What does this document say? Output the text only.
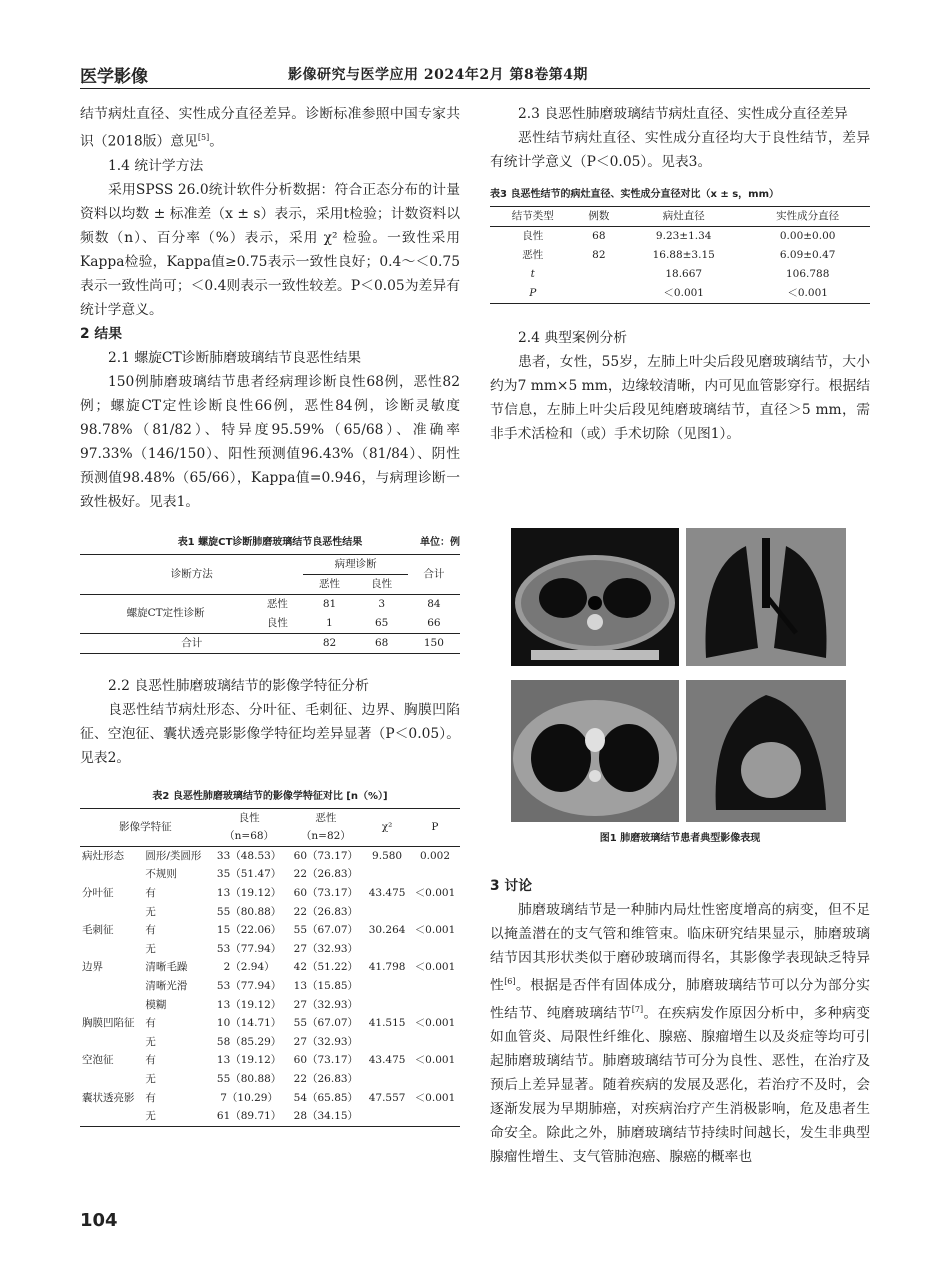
医学影像	影像研究与医学应用 2024年2月 第8卷第4期

结节病灶直径、实性成分直径差异。诊断标准参照中国专家共识（2018版）意见[5]。

1.4 统计学方法

采用SPSS 26.0统计软件分析数据：符合正态分布的计量资料以均数 ± 标准差（x ± s）表示，采用t检验；计数资料以频数（n）、百分率（%）表示，采用 χ² 检验。一致性采用Kappa检验，Kappa值≥0.75表示一致性良好；0.4～＜0.75表示一致性尚可；＜0.4则表示一致性较差。P＜0.05为差异有统计学意义。

2 结果

2.1 螺旋CT诊断肺磨玻璃结节良恶性结果

150例肺磨玻璃结节患者经病理诊断良性68例，恶性82例；螺旋CT定性诊断良性66例，恶性84例，诊断灵敏度98.78%（81/82）、特异度95.59%（65/68）、准确率97.33%（146/150）、阳性预测值96.43%（81/84）、阴性预测值98.48%（65/66），Kappa值=0.946，与病理诊断一致性极好。见表1。

表1 螺旋CT诊断肺磨玻璃结节良恶性结果	单位：例
诊断方法		病理诊断		合计
		恶性	良性	
螺旋CT定性诊断	恶性	81	3	84
	良性	1	65	66
合计		82	68	150

2.2 良恶性肺磨玻璃结节的影像学特征分析

良恶性结节病灶形态、分叶征、毛刺征、边界、胸膜凹陷征、空泡征、囊状透亮影影像学特征均差异显著（P＜0.05）。见表2。

表2 良恶性肺磨玻璃结节的影像学特征对比 [n（%）]
影像学特征		良性	恶性	χ²	P
		（n=68）	（n=82）		
病灶形态	圆形/类圆形	33（48.53）	60（73.17）	9.580	0.002
	不规则	35（51.47）	22（26.83）		
分叶征	有	13（19.12）	60（73.17）	43.475	＜0.001
	无	55（80.88）	22（26.83）		
毛刺征	有	15（22.06）	55（67.07）	30.264	＜0.001
	无	53（77.94）	27（32.93）		
边界	清晰毛躁	2（2.94）	42（51.22）	41.798	＜0.001
	清晰光滑	53（77.94）	13（15.85）		
	模糊	13（19.12）	27（32.93）		
胸膜凹陷征	有	10（14.71）	55（67.07）	41.515	＜0.001
	无	58（85.29）	27（32.93）		
空泡征	有	13（19.12）	60（73.17）	43.475	＜0.001
	无	55（80.88）	22（26.83）		
囊状透亮影	有	7（10.29）	54（65.85）	47.557	＜0.001
	无	61（89.71）	28（34.15）		

2.3 良恶性肺磨玻璃结节病灶直径、实性成分直径差异

恶性结节病灶直径、实性成分直径均大于良性结节，差异有统计学意义（P＜0.05）。见表3。

表3 良恶性结节的病灶直径、实性成分直径对比（x ± s，mm）
结节类型	例数	病灶直径	实性成分直径
良性	68	9.23±1.34	0.00±0.00
恶性	82	16.88±3.15	6.09±0.47
t		18.667	106.788
P		＜0.001	＜0.001

2.4 典型案例分析

患者，女性，55岁，左肺上叶尖后段见磨玻璃结节，大小约为7 mm×5 mm，边缘较清晰，内可见血管影穿行。根据结节信息，左肺上叶尖后段见纯磨玻璃结节，直径＞5 mm，需非手术活检和（或）手术切除（见图1）。

图1 肺磨玻璃结节患者典型影像表现

3 讨论

肺磨玻璃结节是一种肺内局灶性密度增高的病变，但不足以掩盖潜在的支气管和维管束。临床研究结果显示，肺磨玻璃结节因其形状类似于磨砂玻璃而得名，其影像学表现缺乏特异性[6]。根据是否伴有固体成分，肺磨玻璃结节可以分为部分实性结节、纯磨玻璃结节[7]。在疾病发作原因分析中，多种病变如血管炎、局限性纤维化、腺癌、腺瘤增生以及炎症等均可引起肺磨玻璃结节。肺磨玻璃结节可分为良性、恶性，在治疗及预后上差异显著。随着疾病的发展及恶化，若治疗不及时，会逐渐发展为早期肺癌，对疾病治疗产生消极影响，危及患者生命安全。除此之外，肺磨玻璃结节持续时间越长，发生非典型腺瘤性增生、支气管肺泡癌、腺癌的概率也

104
